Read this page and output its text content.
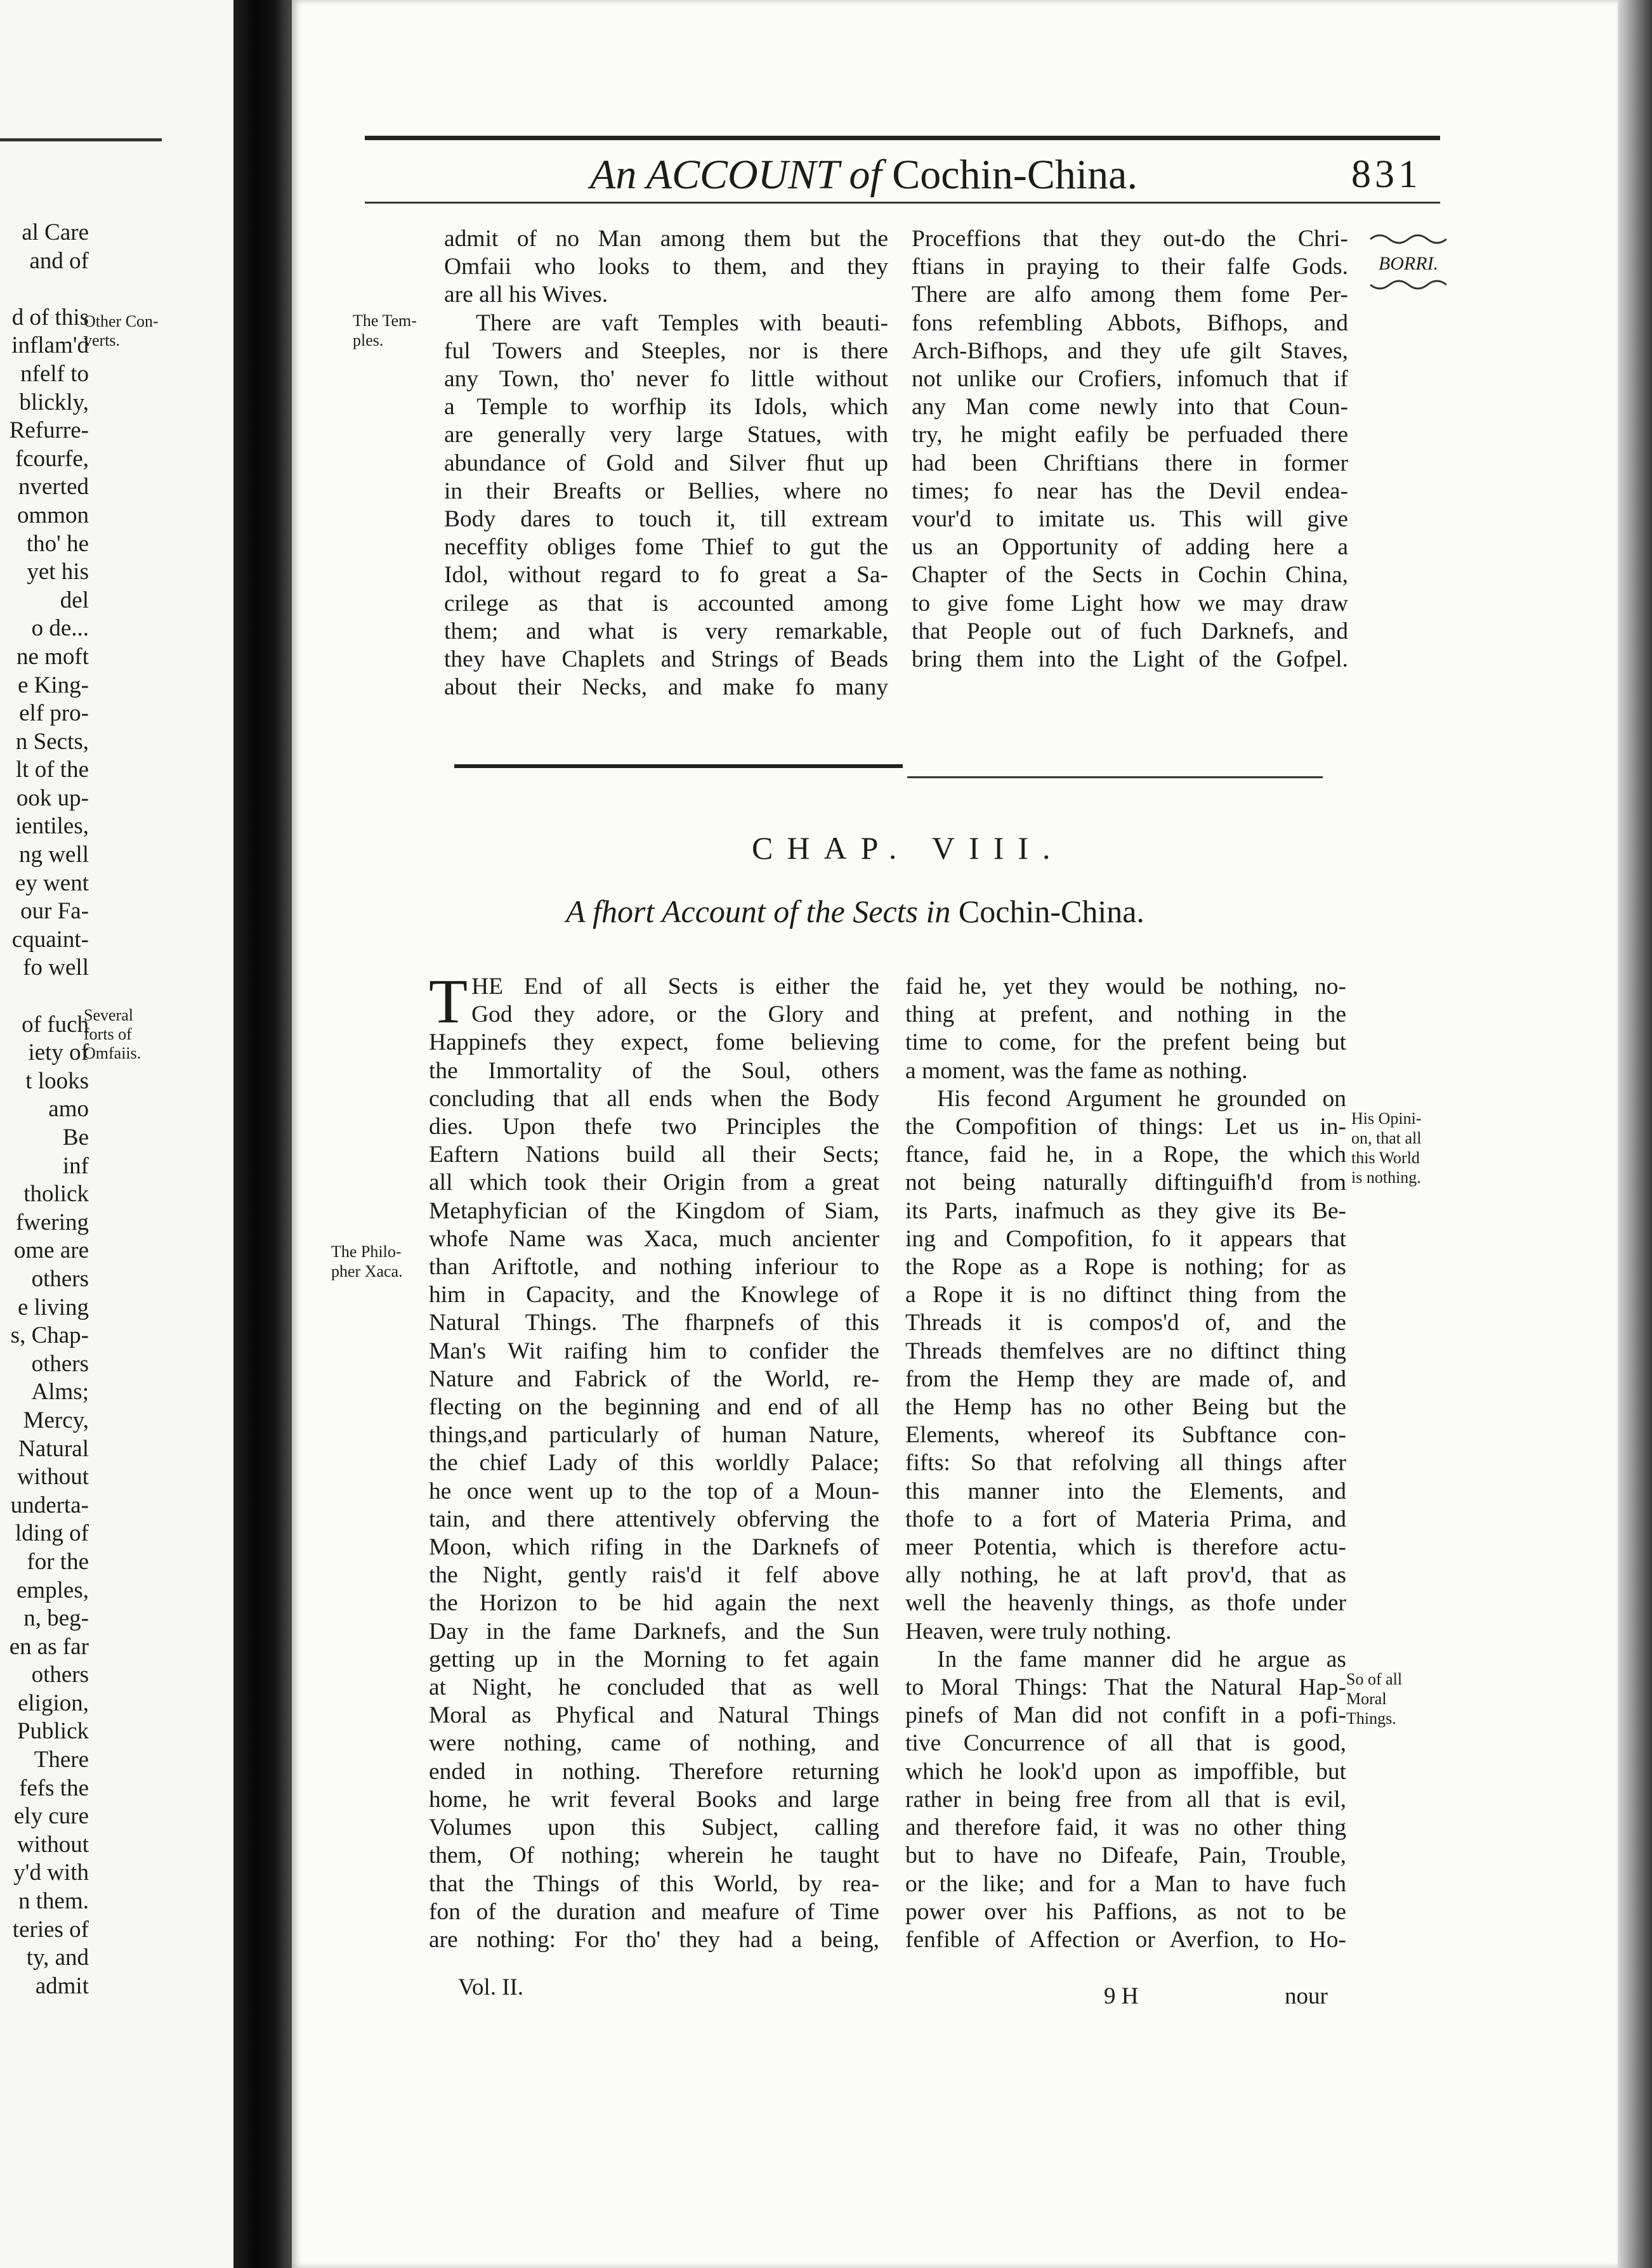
al Care
and of

d of this
inflam'd
nfelf to
blickly,
Refurre-
fcourfe,
nverted
ommon
tho' he
yet his
del
o de...
ne moft
e King-
elf pro-
n Sects,
lt of the
ook up-
ientiles,
ng well
ey went
our Fa-
cquaint-
fo well

of fuch
iety of
t looks
amo
Be
inf
tholick
fwering
ome are
others
e living
s, Chap-
others
Alms;
Mercy,
Natural
without
underta-
lding of
for the
emples,
n, beg-
en as far
others
eligion,
Publick
There
fefs the
ely cure
without
y'd with
n them.
teries of
ty, and
admit
Other Con-
verts.
Several
forts of
Omfaiis.
An ACCOUNT of Cochin-China.	831
admit of no Man among them but the
Omfaii who looks to them, and they
are all his Wives.
There are vaft Temples with beauti-
ful Towers and Steeples, nor is there
any Town, tho' never fo little without
a Temple to worfhip its Idols, which
are generally very large Statues, with
abundance of Gold and Silver fhut up
in their Breafts or Bellies, where no
Body dares to touch it, till extream
neceffity obliges fome Thief to gut the
Idol, without regard to fo great a Sa-
crilege as that is accounted among
them; and what is very remarkable,
they have Chaplets and Strings of Beads
about their Necks, and make fo many
Proceffions that they out-do the Chri-
ftians in praying to their falfe Gods.
There are alfo among them fome Per-
fons refembling Abbots, Bifhops, and
Arch-Bifhops, and they ufe gilt Staves,
not unlike our Crofiers, infomuch that if
any Man come newly into that Coun-
try, he might eafily be perfuaded there
had been Chriftians there in former
times; fo near has the Devil endea-
vour'd to imitate us. This will give
us an Opportunity of adding here a
Chapter of the Sects in Cochin China,
to give fome Light how we may draw
that People out of fuch Darknefs, and
bring them into the Light of the Gofpel.
The Tem-
ples.
BORRI.
CHAP. VIII.
A fhort Account of the Sects in Cochin-China.
T HE End of all Sects is either the
God they adore, or the Glory and
Happinefs they expect, fome believing
the Immortality of the Soul, others
concluding that all ends when the Body
dies. Upon thefe two Principles the
Eaftern Nations build all their Sects;
all which took their Origin from a great
Metaphyfician of the Kingdom of Siam,
whofe Name was Xaca, much ancienter
than Ariftotle, and nothing inferiour to
him in Capacity, and the Knowlege of
Natural Things. The fharpnefs of this
Man's Wit raifing him to confider the
Nature and Fabrick of the World, re-
flecting on the beginning and end of all
things,and particularly of human Nature,
the chief Lady of this worldly Palace;
he once went up to the top of a Moun-
tain, and there attentively obferving the
Moon, which rifing in the Darknefs of
the Night, gently rais'd it felf above
the Horizon to be hid again the next
Day in the fame Darknefs, and the Sun
getting up in the Morning to fet again
at Night, he concluded that as well
Moral as Phyfical and Natural Things
were nothing, came of nothing, and
ended in nothing. Therefore returning
home, he writ feveral Books and large
Volumes upon this Subject, calling
them, Of nothing; wherein he taught
that the Things of this World, by rea-
fon of the duration and meafure of Time
are nothing: For tho' they had a being,
faid he, yet they would be nothing, no-
thing at prefent, and nothing in the
time to come, for the prefent being but
a moment, was the fame as nothing.
His fecond Argument he grounded on
the Compofition of things: Let us in-
ftance, faid he, in a Rope, the which
not being naturally diftinguifh'd from
its Parts, inafmuch as they give its Be-
ing and Compofition, fo it appears that
the Rope as a Rope is nothing; for as
a Rope it is no diftinct thing from the
Threads it is compos'd of, and the
Threads themfelves are no diftinct thing
from the Hemp they are made of, and
the Hemp has no other Being but the
Elements, whereof its Subftance con-
fifts: So that refolving all things after
this manner into the Elements, and
thofe to a fort of Materia Prima, and
meer Potentia, which is therefore actu-
ally nothing, he at laft prov'd, that as
well the heavenly things, as thofe under
Heaven, were truly nothing.
In the fame manner did he argue as
to Moral Things: That the Natural Hap-
pinefs of Man did not confift in a pofi-
tive Concurrence of all that is good,
which he look'd upon as impoffible, but
rather in being free from all that is evil,
and therefore faid, it was no other thing
but to have no Difeafe, Pain, Trouble,
or the like; and for a Man to have fuch
power over his Paffions, as not to be
fenfible of Affection or Averfion, to Ho-
The Philo-
pher Xaca.
His Opini-
on, that all
this World
is nothing.
So of all
Moral
Things.
Vol. II.	9 H	nour
